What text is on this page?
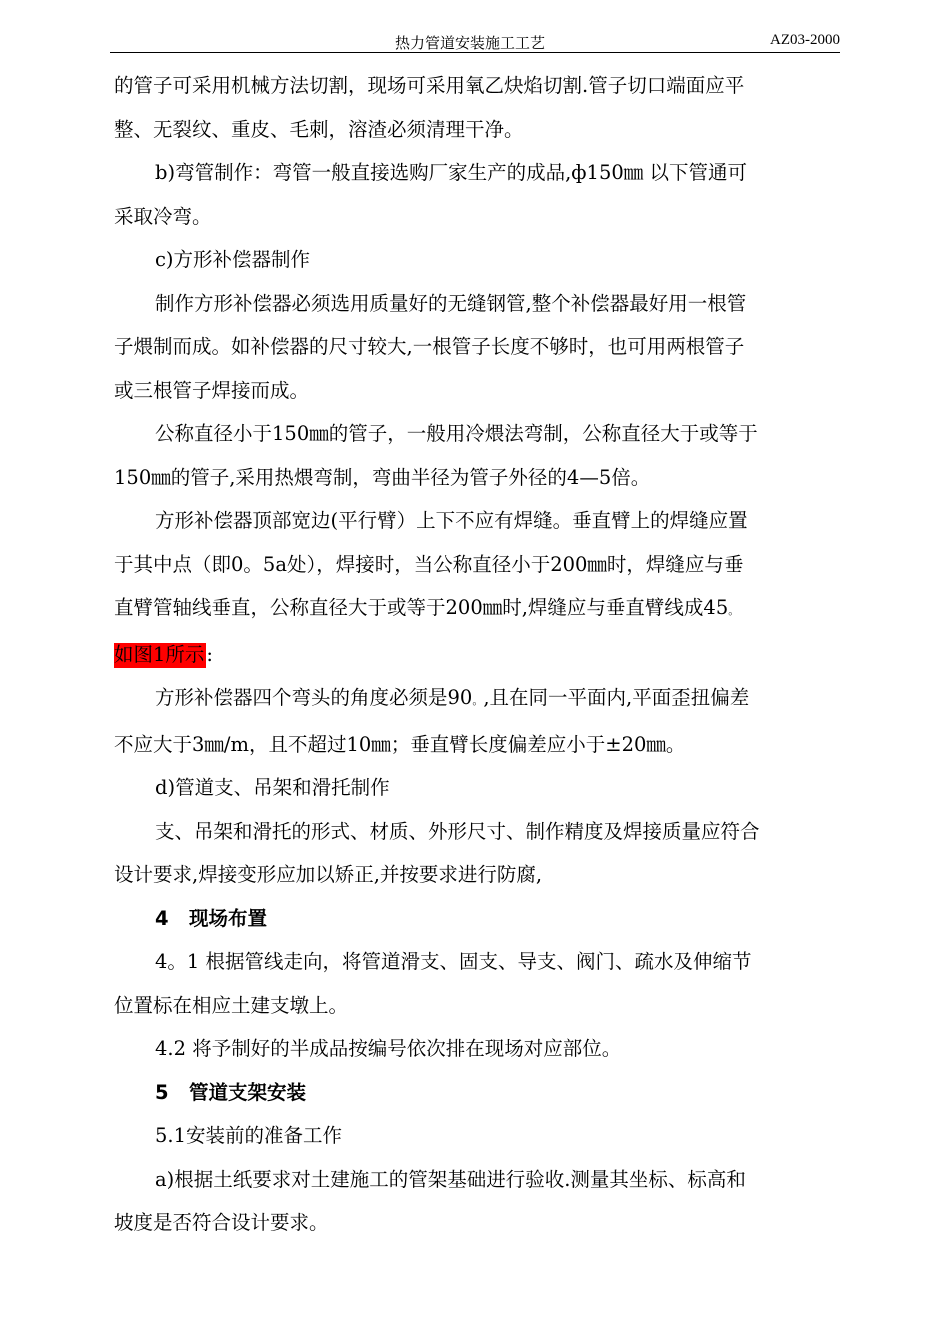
热力管道安装施工工艺	AZ03-2000

的管子可采用机械方法切割，现场可采用氧乙炔焰切割.管子切口端面应平

整、无裂纹、重皮、毛刺，溶渣必须清理干净。

b)弯管制作：弯管一般直接选购厂家生产的成品,ф150㎜ 以下管通可

采取冷弯。

c)方形补偿器制作

制作方形补偿器必须选用质量好的无缝钢管,整个补偿器最好用一根管

子煨制而成。如补偿器的尺寸较大,一根管子长度不够时，也可用两根管子

或三根管子焊接而成。

公称直径小于150㎜的管子，一般用冷煨法弯制，公称直径大于或等于

150㎜的管子,采用热煨弯制，弯曲半径为管子外径的4—5倍。

方形补偿器顶部宽边(平行臂）上下不应有焊缝。垂直臂上的焊缝应置

于其中点（即0。5a处），焊接时，当公称直径小于200㎜时，焊缝应与垂

直臂管轴线垂直，公称直径大于或等于200㎜时,焊缝应与垂直臂线成45。

如图1所示 :

方形补偿器四个弯头的角度必须是90。,且在同一平面内,平面歪扭偏差

不应大于3㎜/m，且不超过10㎜；垂直臂长度偏差应小于±20㎜。

d)管道支、吊架和滑托制作

支、吊架和滑托的形式、材质、外形尺寸、制作精度及焊接质量应符合

设计要求,焊接变形应加以矫正,并按要求进行防腐,

4 现场布置

4。1 根据管线走向，将管道滑支、固支、导支、阀门、疏水及伸缩节

位置标在相应土建支墩上。

4.2 将予制好的半成品按编号依次排在现场对应部位。

5 管道支架安装

5.1安装前的准备工作

a)根据土纸要求对土建施工的管架基础进行验收.测量其坐标、标高和

坡度是否符合设计要求。
